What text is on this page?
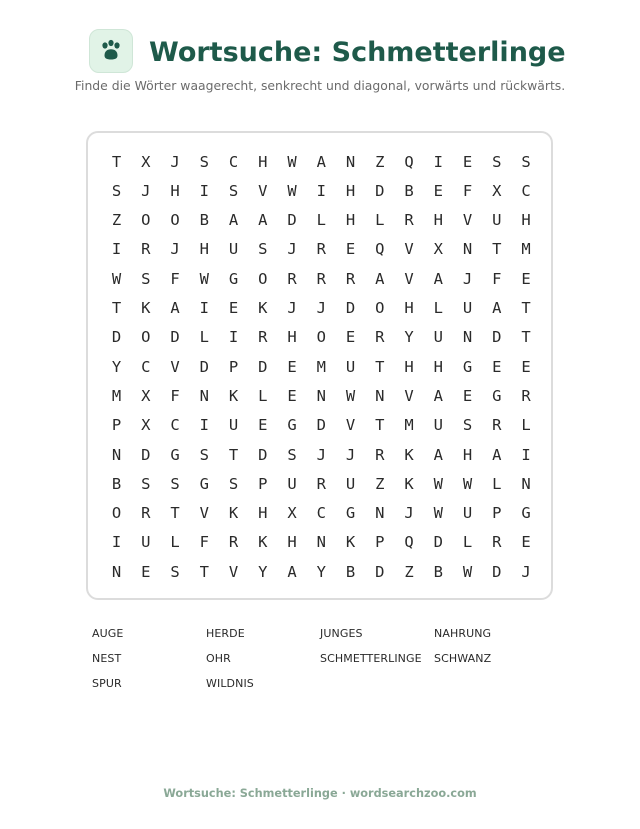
Wortsuche: Schmetterlinge

Finde die Wörter waagerecht, senkrecht und diagonal, vorwärts und rückwärts.

T	X	J	S	C	H	W	A	N	Z	Q	I	E	S	S
S	J	H	I	S	V	W	I	H	D	B	E	F	X	C
Z	O	O	B	A	A	D	L	H	L	R	H	V	U	H
I	R	J	H	U	S	J	R	E	Q	V	X	N	T	M
W	S	F	W	G	O	R	R	R	A	V	A	J	F	E
T	K	A	I	E	K	J	J	D	O	H	L	U	A	T
D	O	D	L	I	R	H	O	E	R	Y	U	N	D	T
Y	C	V	D	P	D	E	M	U	T	H	H	G	E	E
M	X	F	N	K	L	E	N	W	N	V	A	E	G	R
P	X	C	I	U	E	G	D	V	T	M	U	S	R	L
N	D	G	S	T	D	S	J	J	R	K	A	H	A	I
B	S	S	G	S	P	U	R	U	Z	K	W	W	L	N
O	R	T	V	K	H	X	C	G	N	J	W	U	P	G
I	U	L	F	R	K	H	N	K	P	Q	D	L	R	E
N	E	S	T	V	Y	A	Y	B	D	Z	B	W	D	J
AUGE	HERDE	JUNGES	NAHRUNG
NEST	OHR	SCHMETTERLINGE SCHWANZ
SPUR	WILDNIS
Wortsuche: Schmetterlinge · wordsearchzoo.com
